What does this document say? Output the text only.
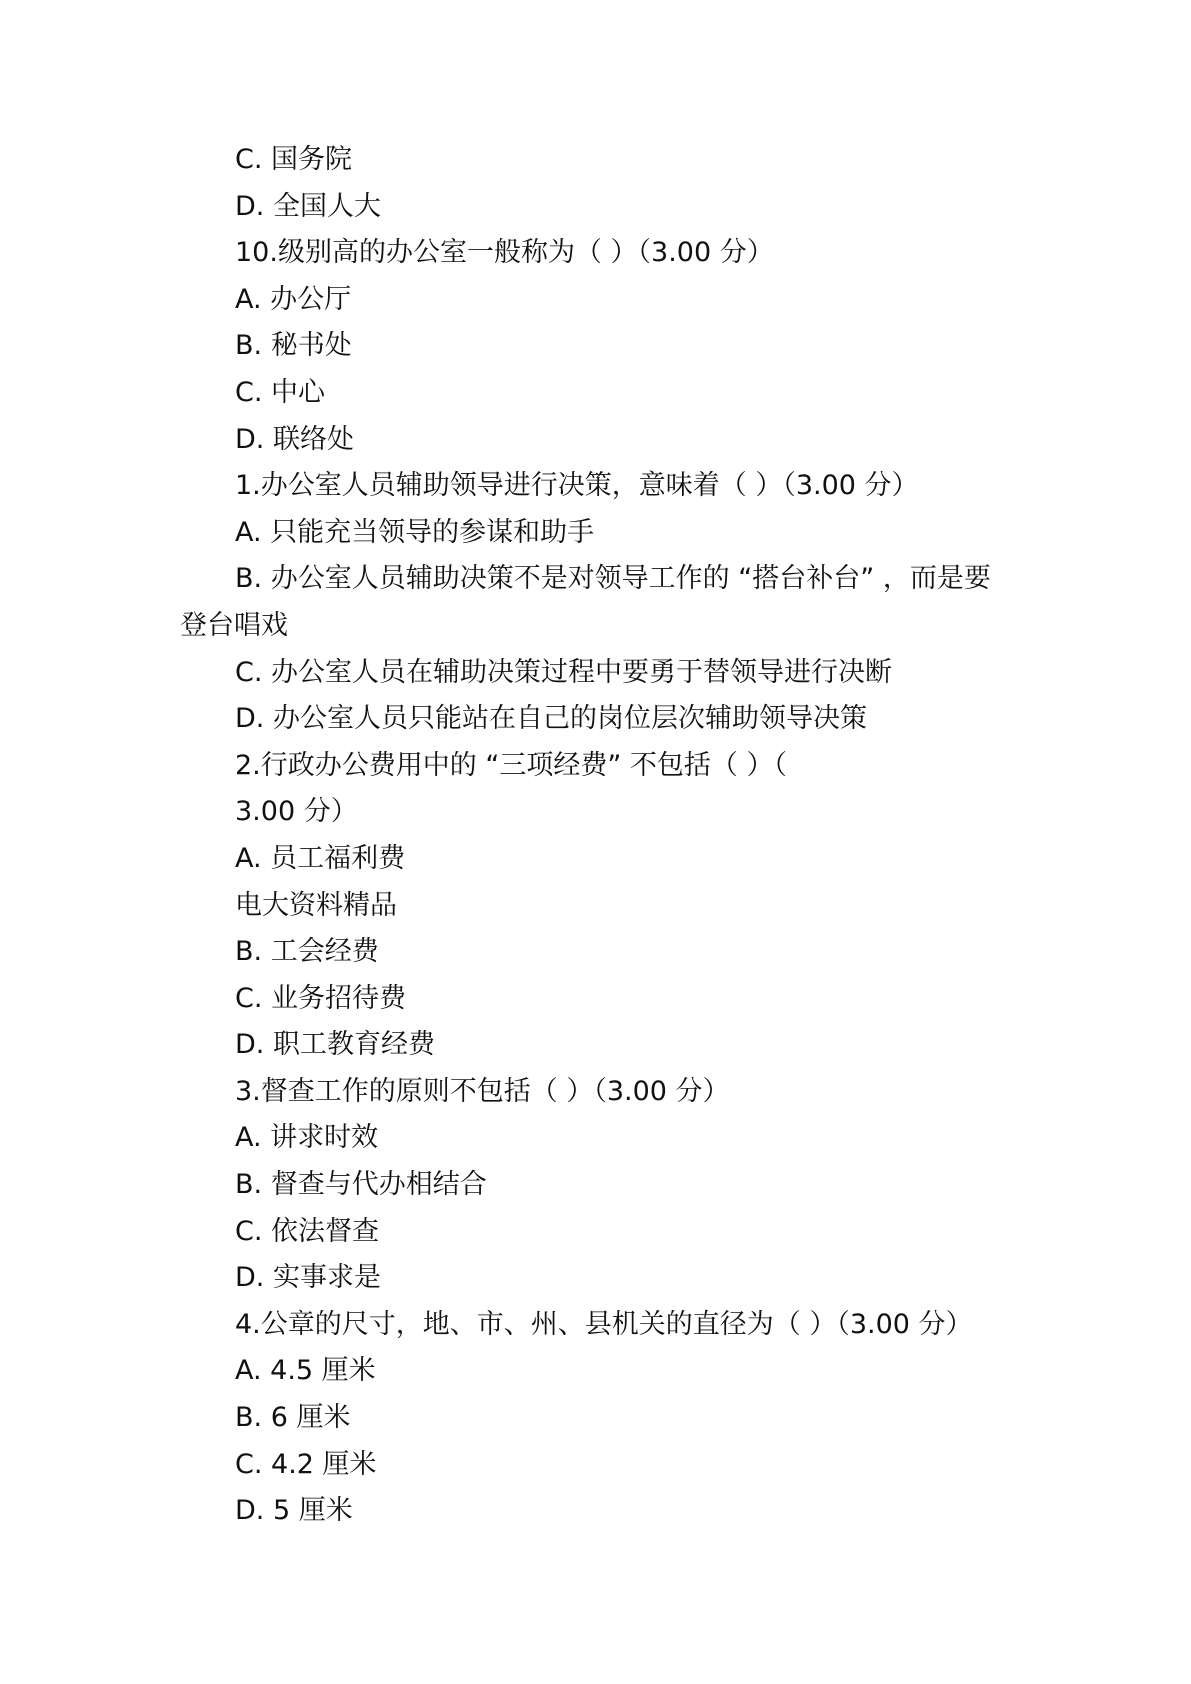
C. 国务院
D. 全国人大
10.级别高的办公室一般称为（ ）（3.00 分）
A. 办公厅
B. 秘书处
C. 中心
D. 联络处
1.办公室人员辅助领导进行决策，意味着（ ）（3.00 分）
A. 只能充当领导的参谋和助手
B. 办公室人员辅助决策不是对领导工作的 “搭台补台” ，而是要
登台唱戏
C. 办公室人员在辅助决策过程中要勇于替领导进行决断
D. 办公室人员只能站在自己的岗位层次辅助领导决策
2.行政办公费用中的 “三项经费” 不包括（ ）（
3.00 分）
A. 员工福利费
电大资料精品
B. 工会经费
C. 业务招待费
D. 职工教育经费
3.督查工作的原则不包括（ ）（3.00 分）
A. 讲求时效
B. 督查与代办相结合
C. 依法督查
D. 实事求是
4.公章的尺寸，地、市、州、县机关的直径为（ ）（3.00 分）
A. 4.5 厘米
B. 6 厘米
C. 4.2 厘米
D. 5 厘米
